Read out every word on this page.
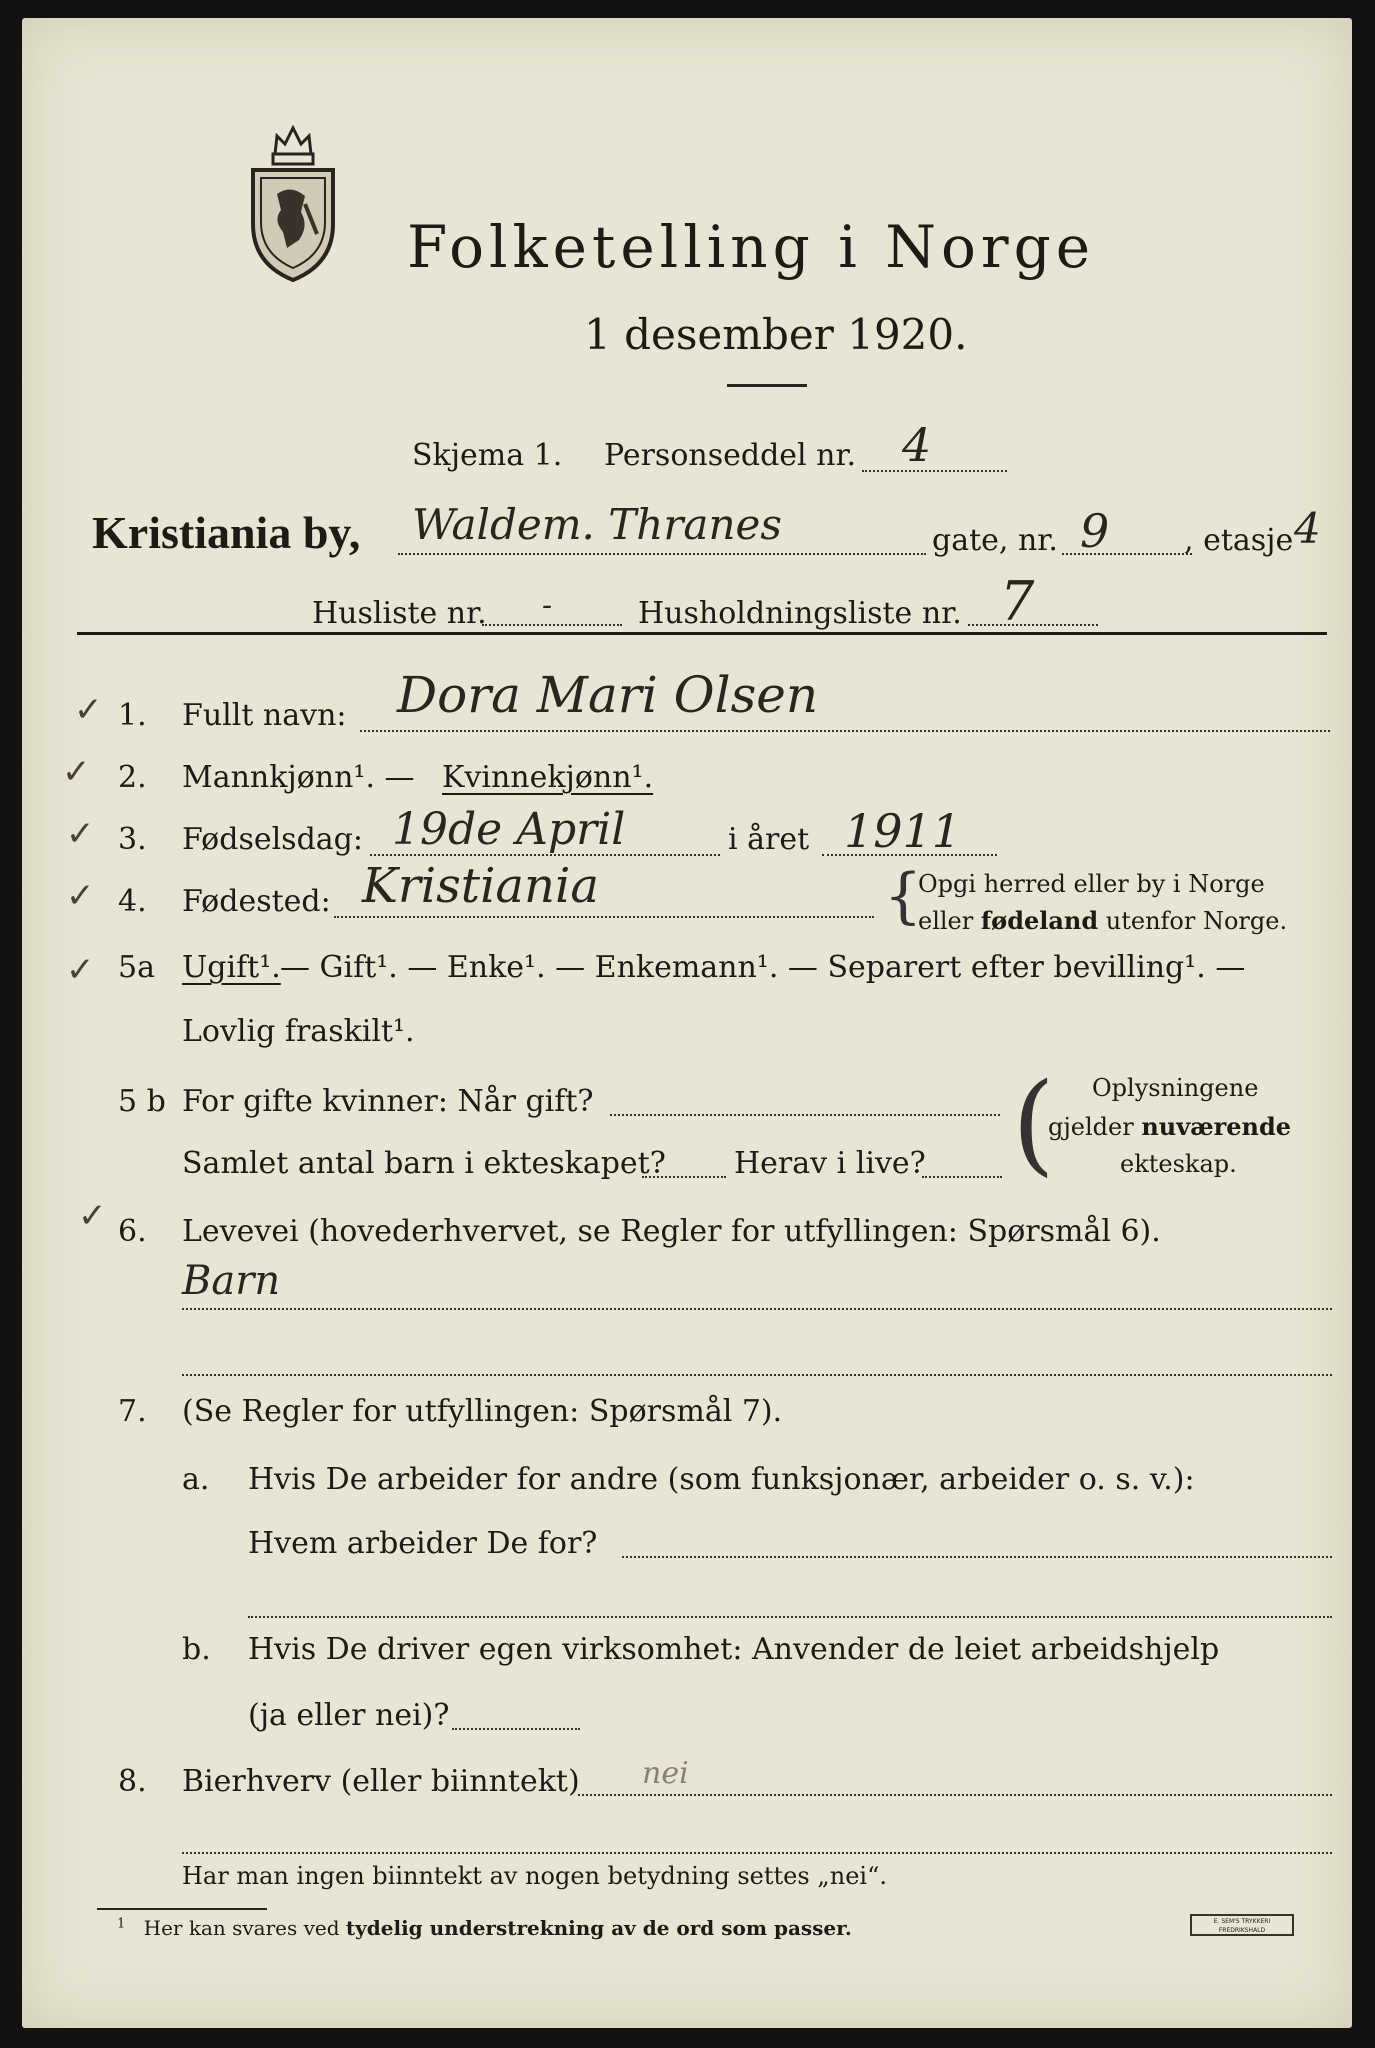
Folketelling i Norge
1 desember 1920.
Skjema 1. Personseddel nr. 4
Kristiania by, Waldem. Thranes	gate, nr. 9 , etasje 4
Husliste nr. -	Husholdningsliste nr. 7
✓
✓
✓
✓
✓
✓
1. Fullt navn: Dora Mari Olsen
2. Mannkjønn¹. — Kvinnekjønn¹.
3. Fødselsdag: 19de April	i året 1911
4. Fødested: Kristiania	{
Opgi herred eller by i Norge
eller fødeland utenfor Norge.
5a Ugift¹. — Gift¹. — Enke¹. — Enkemann¹. — Separert efter bevilling¹. —
Lovlig fraskilt¹.
5 b For gifte kvinner: Når gift?
Samlet antal barn i ekteskapet? Herav i live? ( Oplysningene
gjelder nuværende
ekteskap.
6. Levevei (hovederhvervet, se Regler for utfyllingen: Spørsmål 6).
Barn
7. (Se Regler for utfyllingen: Spørsmål 7).
a. Hvis De arbeider for andre (som funksjonær, arbeider o. s. v.):
Hvem arbeider De for?
b. Hvis De driver egen virksomhet: Anvender de leiet arbeidshjelp
(ja eller nei)?
8. Bierhverv (eller biinntekt) nei
Har man ingen biinntekt av nogen betydning settes „nei“.
$^1$ Her kan svares ved tydelig understrekning av de ord som passer.	E. SEM'S TRYKKERI
FREDRIKSHALD
